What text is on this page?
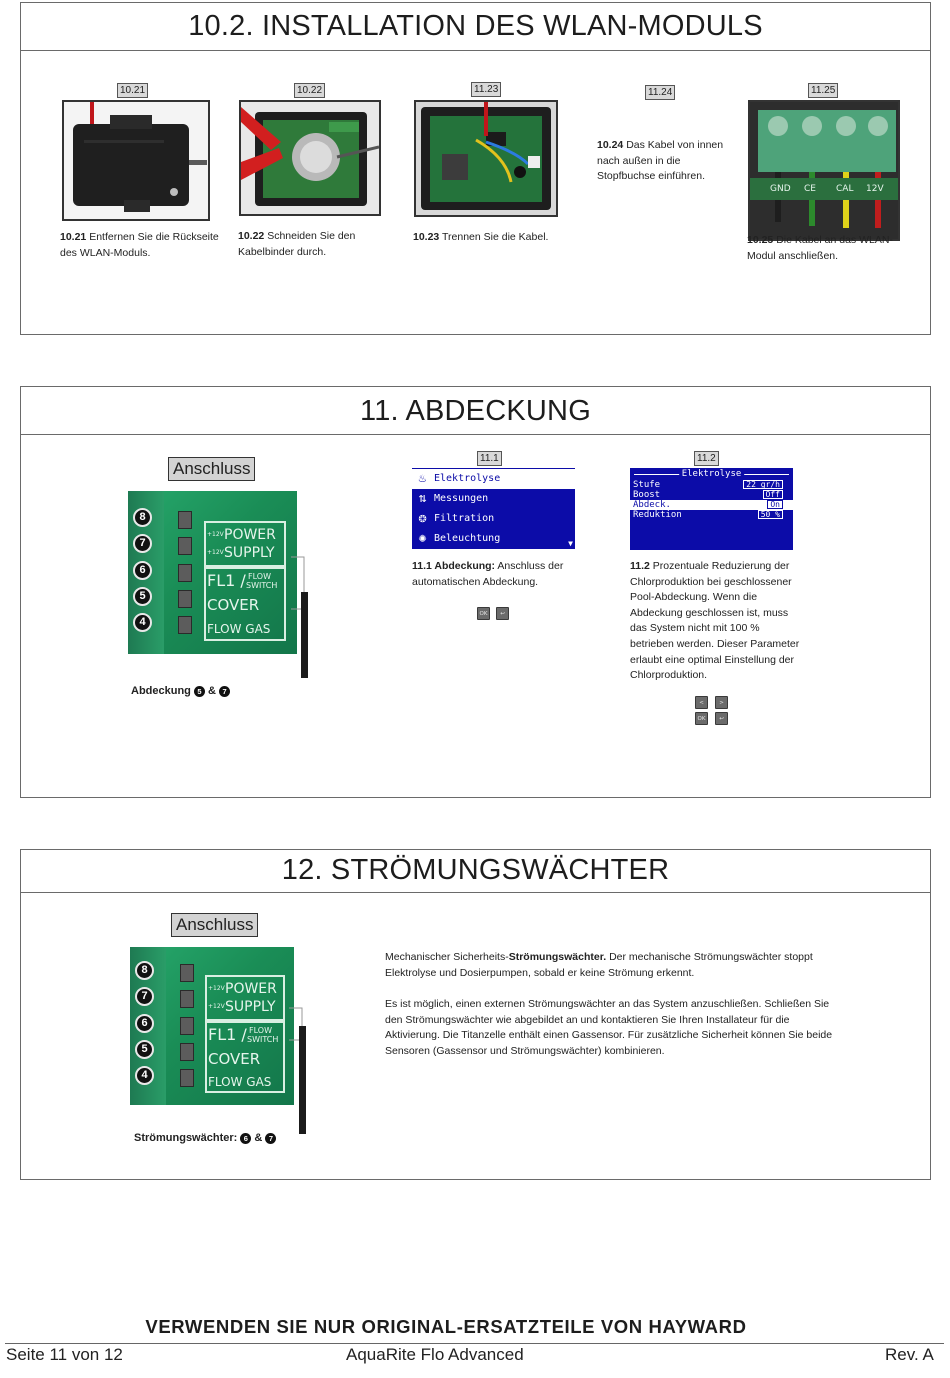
10.2. INSTALLATION DES WLAN-MODULS
10.21	10.22	11.23	11.24	11.25
10.24 Das Kabel von innen nach außen in die Stopfbuchse einführen.
GND CE CAL 12V
10.21 Entfernen Sie die Rückseite des WLAN-Moduls.
10.22 Schneiden Sie den Kabelbinder durch.
10.23 Trennen Sie die Kabel.	10.25 Die Kabel an das WLAN-Modul anschließen.
11. ABDECKUNG
Anschluss
8
7
6
5
4
+12V POWER
+12V SUPPLY
FL1 / FLOW
SWITCH
COVER
FLOW GAS
Abdeckung 5 & 7
11.1
♨ Elektrolyse
⇅ Messungen
❂ Filtration
✺ Beleuchtung	▼
11.1 Abdeckung: Anschluss der automatischen Abdeckung.
OK	↩
11.2
Elektrolyse
Stufe	22 gr/h
Boost	Off
Abdeck.	On
Reduktion	50 %
11.2 Prozentuale Reduzierung der Chlorproduktion bei geschlossener Pool-Abdeckung. Wenn die Abdeckung geschlossen ist, muss das System nicht mit 100 % betrieben werden. Dieser Parameter erlaubt eine optimal Einstellung der Chlorproduktion.
<	>
OK	↩
12. STRÖMUNGSWÄCHTER
Anschluss
8
7
6
5
4
+12V POWER
+12V SUPPLY
FL1 / FLOW
SWITCH
COVER
FLOW GAS
Strömungswächter: 6 & 7
Mechanischer Sicherheits-Strömungswächter. Der mechanische Strömungswächter stoppt Elektrolyse und Dosierpumpen, sobald er keine Strömung erkennt.
Es ist möglich, einen externen Strömungswächter an das System anzuschließen. Schließen Sie den Strömungswächter wie abgebildet an und kontaktieren Sie Ihren Installateur für die Aktivierung. Die Titanzelle enthält einen Gassensor. Für zusätzliche Sicherheit können Sie beide Sensoren (Gassensor und Strömungswächter) kombinieren.
VERWENDEN SIE NUR ORIGINAL-ERSATZTEILE VON HAYWARD
Seite 11 von 12	AquaRite Flo Advanced	Rev. A
